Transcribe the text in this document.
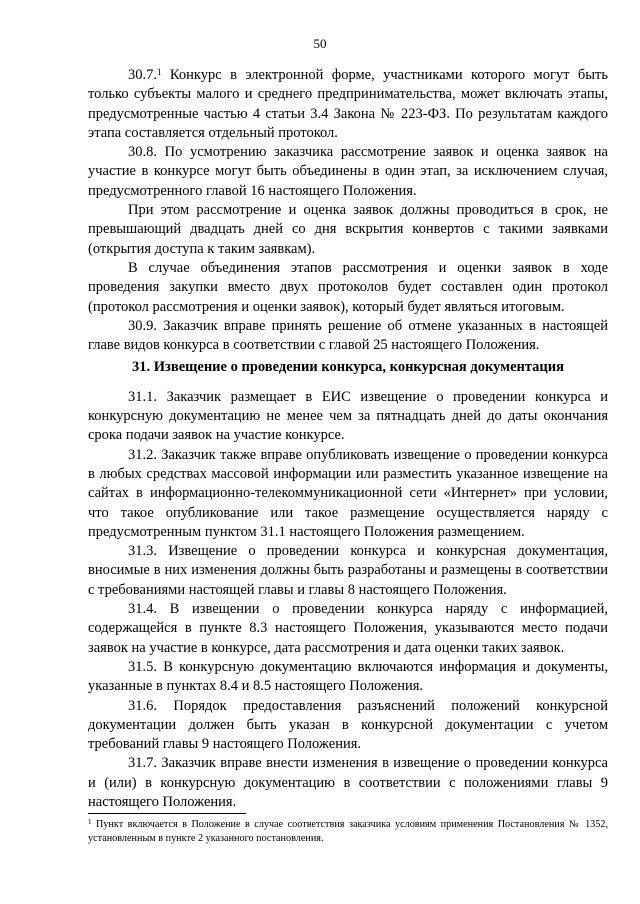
50

30.7.$^1$ Конкурс в электронной форме, участниками которого могут быть только субъекты малого и среднего предпринимательства, может включать этапы, предусмотренные частью 4 статьи 3.4 Закона № 223-ФЗ. По результатам каждого этапа составляется отдельный протокол.

30.8. По усмотрению заказчика рассмотрение заявок и оценка заявок на участие в конкурсе могут быть объединены в один этап, за исключением случая, предусмотренного главой 16 настоящего Положения.

При этом рассмотрение и оценка заявок должны проводиться в срок, не превышающий двадцать дней со дня вскрытия конвертов с такими заявками (открытия доступа к таким заявкам).

В случае объединения этапов рассмотрения и оценки заявок в ходе проведения закупки вместо двух протоколов будет составлен один протокол (протокол рассмотрения и оценки заявок), который будет являться итоговым.

30.9. Заказчик вправе принять решение об отмене указанных в настоящей главе видов конкурса в соответствии с главой 25 настоящего Положения.

31. Извещение о проведении конкурса, конкурсная документация

31.1. Заказчик размещает в ЕИС извещение о проведении конкурса и конкурсную документацию не менее чем за пятнадцать дней до даты окончания срока подачи заявок на участие конкурсе.

31.2. Заказчик также вправе опубликовать извещение о проведении конкурса в любых средствах массовой информации или разместить указанное извещение на сайтах в информационно-телекоммуникационной сети «Интернет» при условии, что такое опубликование или такое размещение осуществляется наряду с предусмотренным пунктом 31.1 настоящего Положения размещением.

31.3. Извещение о проведении конкурса и конкурсная документация, вносимые в них изменения должны быть разработаны и размещены в соответствии с требованиями настоящей главы и главы 8 настоящего Положения.

31.4. В извещении о проведении конкурса наряду с информацией, содержащейся в пункте 8.3 настоящего Положения, указываются место подачи заявок на участие в конкурсе, дата рассмотрения и дата оценки таких заявок.

31.5. В конкурсную документацию включаются информация и документы, указанные в пунктах 8.4 и 8.5 настоящего Положения.

31.6. Порядок предоставления разъяснений положений конкурсной документации должен быть указан в конкурсной документации с учетом требований главы 9 настоящего Положения.

31.7. Заказчик вправе внести изменения в извещение о проведении конкурса и (или) в конкурсную документацию в соответствии с положениями главы 9 настоящего Положения.

$^1$ Пункт включается в Положение в случае соответствия заказчика условиям применения Постановления № 1352, установленным в пункте 2 указанного постановления.
